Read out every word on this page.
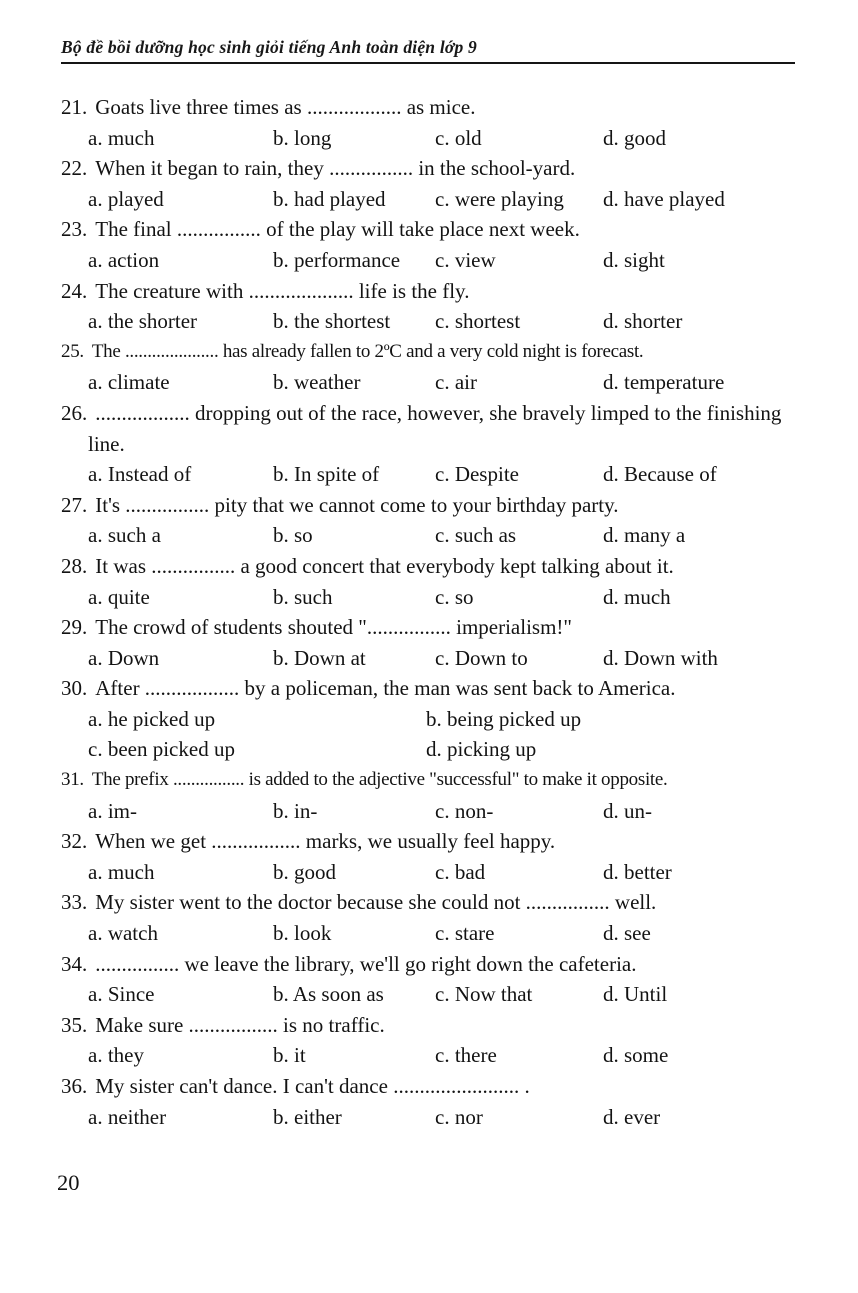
Bộ đề bồi dưỡng học sinh giỏi tiếng Anh toàn diện lớp 9
21. Goats live three times as .................. as mice.
a. much	b. long	c. old	d. good
22. When it began to rain, they ................ in the school-yard.
a. played	b. had played	c. were playing	d. have played
23. The final ................ of the play will take place next week.
a. action	b. performance	c. view	d. sight
24. The creature with .................... life is the fly.
a. the shorter	b. the shortest	c. shortest	d. shorter
25. The ..................... has already fallen to 2ºC and a very cold night is forecast.
a. climate	b. weather	c. air	d. temperature
26. .................. dropping out of the race, however, she bravely limped to the finishing line.
a. Instead of	b. In spite of	c. Despite	d. Because of
27. It's ................ pity that we cannot come to your birthday party.
a. such a	b. so	c. such as	d. many a
28. It was ................ a good concert that everybody kept talking about it.
a. quite	b. such	c. so	d. much
29. The crowd of students shouted "................ imperialism!"
a. Down	b. Down at	c. Down to	d. Down with
30. After .................. by a policeman, the man was sent back to America.
a. he picked up	b. being picked up
c. been picked up	d. picking up
31. The prefix ................ is added to the adjective "successful" to make it opposite.
a. im-	b. in-	c. non-	d. un-
32. When we get ................. marks, we usually feel happy.
a. much	b. good	c. bad	d. better
33. My sister went to the doctor because she could not ................ well.
a. watch	b. look	c. stare	d. see
34. ................ we leave the library, we'll go right down the cafeteria.
a. Since	b. As soon as	c. Now that	d. Until
35. Make sure ................. is no traffic.
a. they	b. it	c. there	d. some
36. My sister can't dance. I can't dance ........................ .
a. neither	b. either	c. nor	d. ever
20
